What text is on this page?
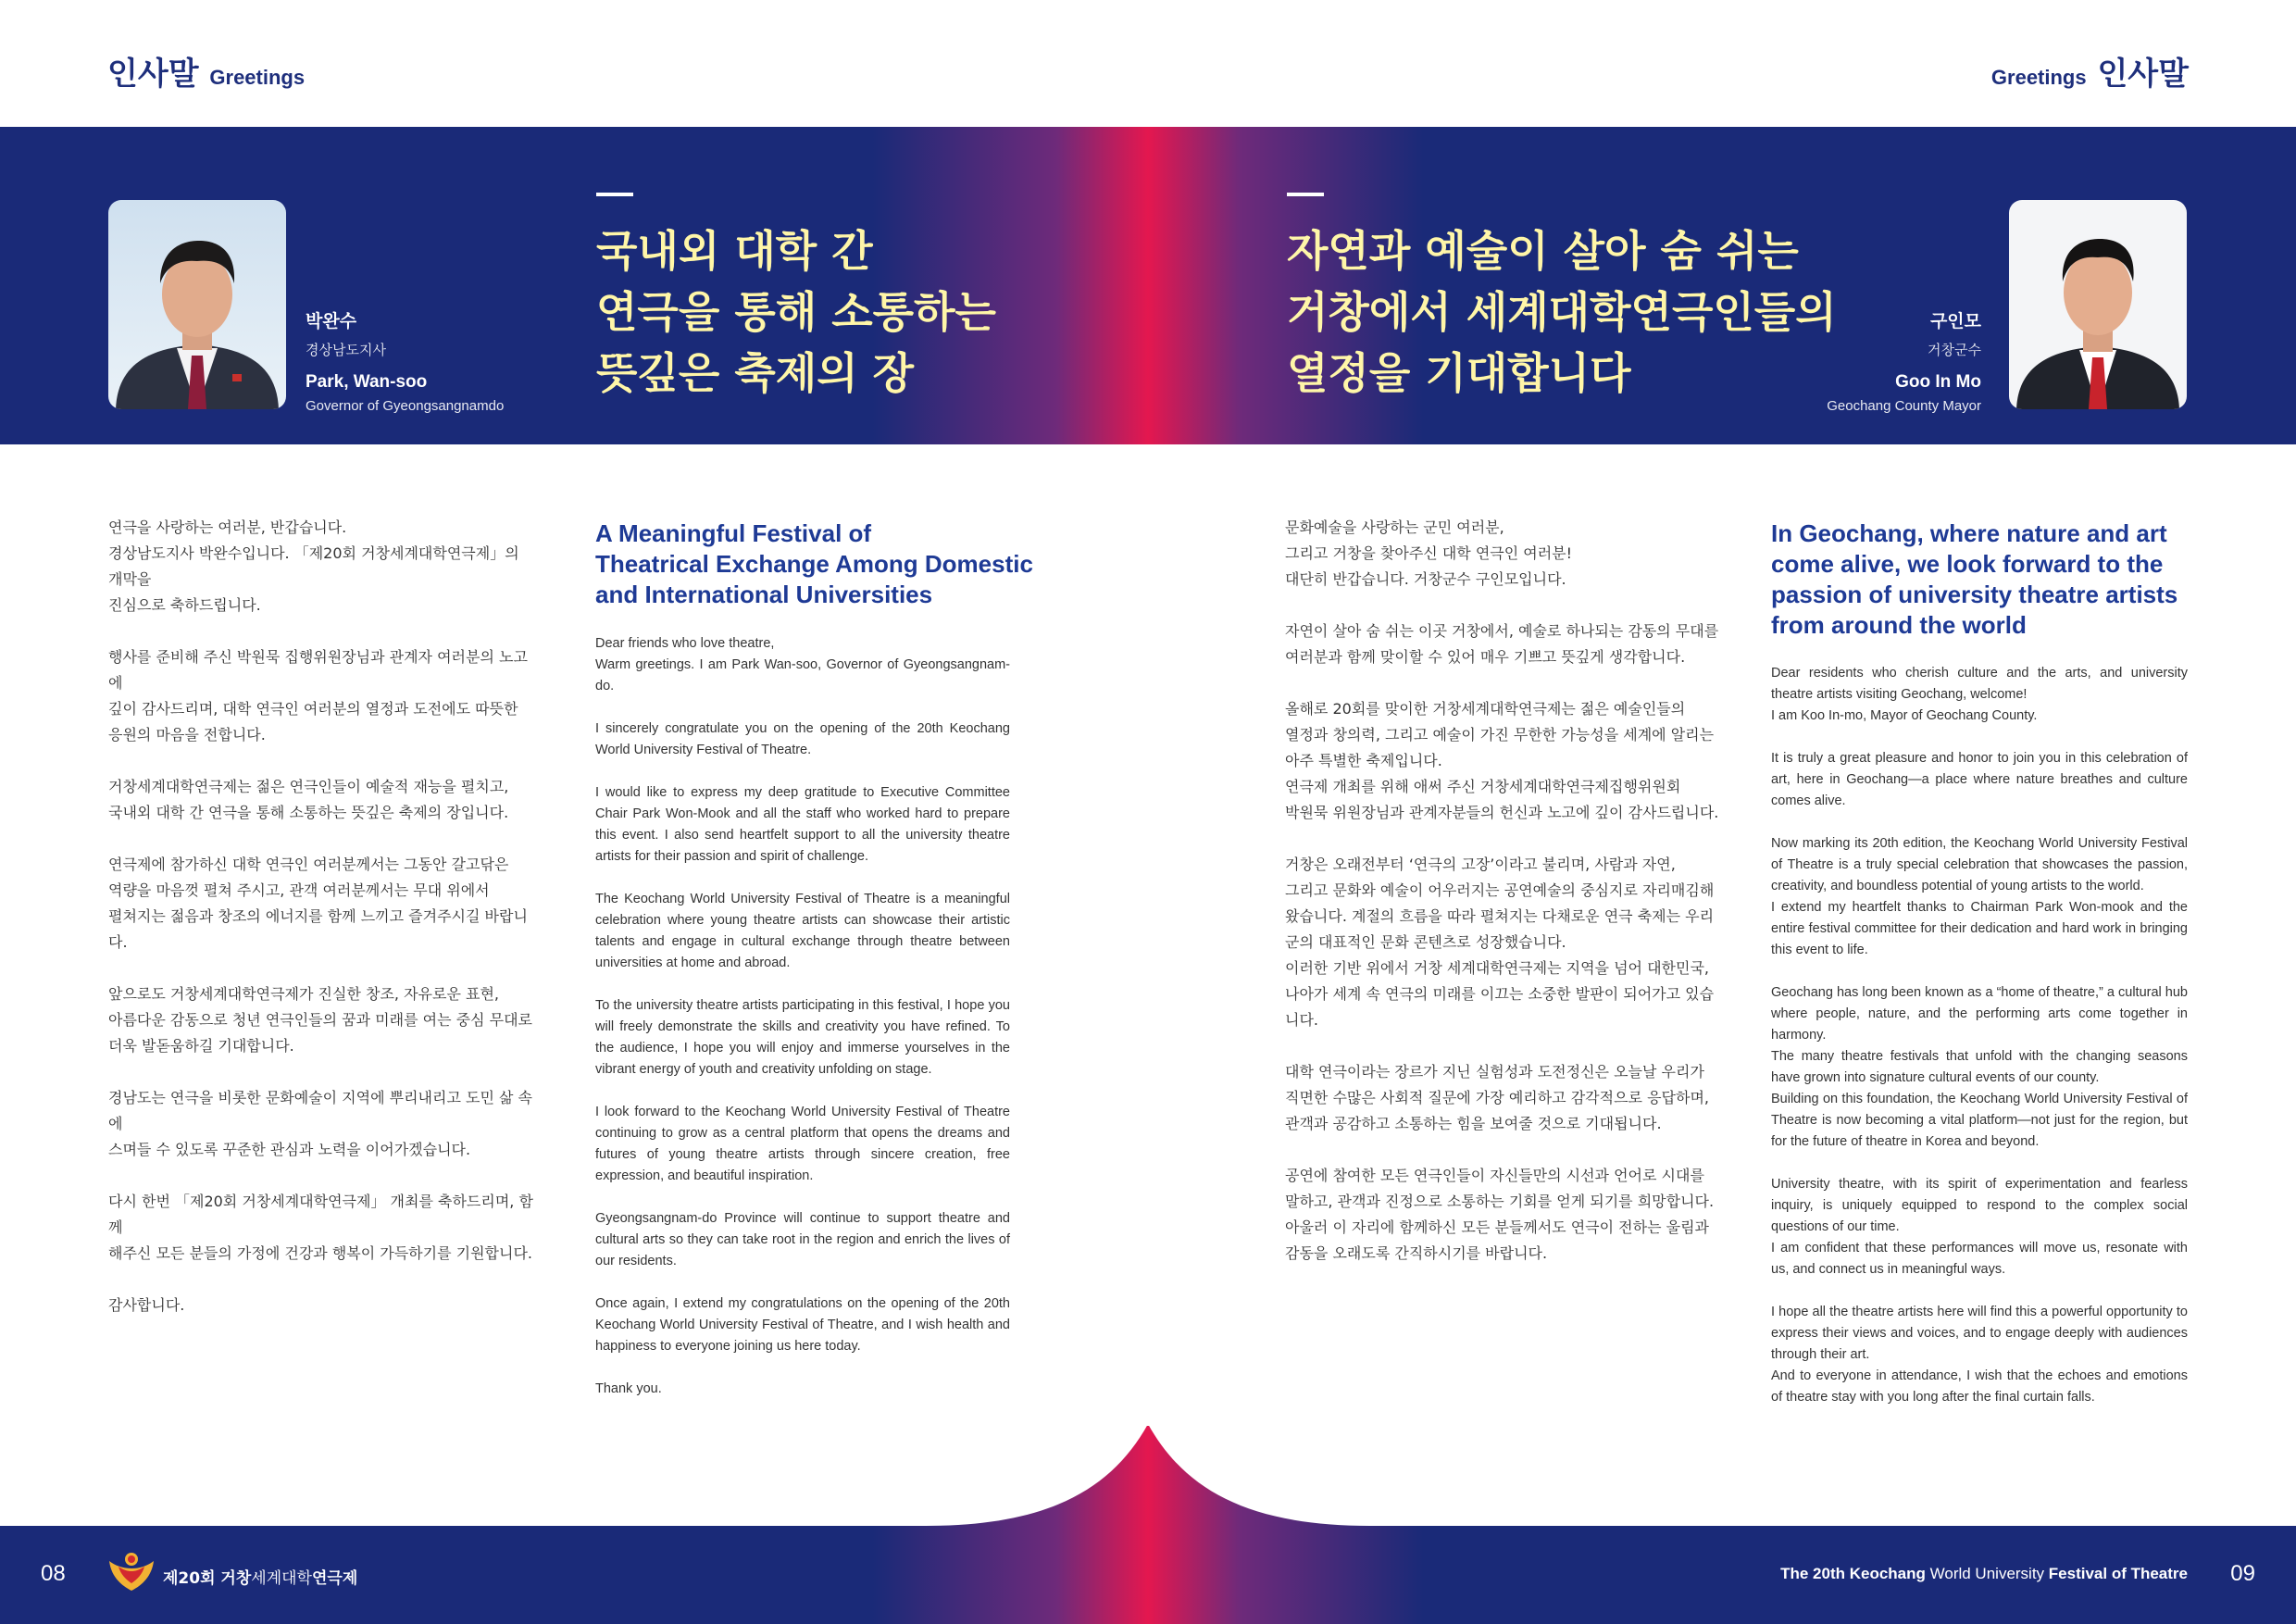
인사말 Greetings	Greetings 인사말
박완수
경상남도지사
Park, Wan-soo
Governor of Gyeongsangnamdo
국내외 대학 간
연극을 통해 소통하는
뜻깊은 축제의 장
자연과 예술이 살아 숨 쉬는
거창에서 세계대학연극인들의
열정을 기대합니다
구인모
거창군수
Goo In Mo
Geochang County Mayor

연극을 사랑하는 여러분, 반갑습니다.
경상남도지사 박완수입니다. 「제20회 거창세계대학연극제」의 개막을
진심으로 축하드립니다.

행사를 준비해 주신 박원묵 집행위원장님과 관계자 여러분의 노고에
깊이 감사드리며, 대학 연극인 여러분의 열정과 도전에도 따뜻한
응원의 마음을 전합니다.

거창세계대학연극제는 젊은 연극인들이 예술적 재능을 펼치고,
국내외 대학 간 연극을 통해 소통하는 뜻깊은 축제의 장입니다.

연극제에 참가하신 대학 연극인 여러분께서는 그동안 갈고닦은
역량을 마음껏 펼쳐 주시고, 관객 여러분께서는 무대 위에서
펼쳐지는 젊음과 창조의 에너지를 함께 느끼고 즐겨주시길 바랍니다.

앞으로도 거창세계대학연극제가 진실한 창조, 자유로운 표현,
아름다운 감동으로 청년 연극인들의 꿈과 미래를 여는 중심 무대로
더욱 발돋움하길 기대합니다.

경남도는 연극을 비롯한 문화예술이 지역에 뿌리내리고 도민 삶 속에
스며들 수 있도록 꾸준한 관심과 노력을 이어가겠습니다.

다시 한번 「제20회 거창세계대학연극제」 개최를 축하드리며, 함께
해주신 모든 분들의 가정에 건강과 행복이 가득하기를 기원합니다.

감사합니다.

A Meaningful Festival of
Theatrical Exchange Among Domestic
and International Universities

Dear friends who love theatre,
Warm greetings. I am Park Wan-soo, Governor of Gyeongsangnam-do.

I sincerely congratulate you on the opening of the 20th Keochang World University Festival of Theatre.

I would like to express my deep gratitude to Executive Committee Chair Park Won-Mook and all the staff who worked hard to prepare this event. I also send heartfelt support to all the university theatre artists for their passion and spirit of challenge.

The Keochang World University Festival of Theatre is a meaningful celebration where young theatre artists can showcase their artistic talents and engage in cultural exchange through theatre between universities at home and abroad.

To the university theatre artists participating in this festival, I hope you will freely demonstrate the skills and creativity you have refined. To the audience, I hope you will enjoy and immerse yourselves in the vibrant energy of youth and creativity unfolding on stage.

I look forward to the Keochang World University Festival of Theatre continuing to grow as a central platform that opens the dreams and futures of young theatre artists through sincere creation, free expression, and beautiful inspiration.

Gyeongsangnam-do Province will continue to support theatre and cultural arts so they can take root in the region and enrich the lives of our residents.

Once again, I extend my congratulations on the opening of the 20th Keochang World University Festival of Theatre, and I wish health and happiness to everyone joining us here today.

Thank you.

문화예술을 사랑하는 군민 여러분,
그리고 거창을 찾아주신 대학 연극인 여러분!
대단히 반갑습니다. 거창군수 구인모입니다.

자연이 살아 숨 쉬는 이곳 거창에서, 예술로 하나되는 감동의 무대를
여러분과 함께 맞이할 수 있어 매우 기쁘고 뜻깊게 생각합니다.

올해로 20회를 맞이한 거창세계대학연극제는 젊은 예술인들의
열정과 창의력, 그리고 예술이 가진 무한한 가능성을 세계에 알리는
아주 특별한 축제입니다.
연극제 개최를 위해 애써 주신 거창세계대학연극제집행위원회
박원묵 위원장님과 관계자분들의 헌신과 노고에 깊이 감사드립니다.

거창은 오래전부터 ‘연극의 고장’이라고 불리며, 사람과 자연,
그리고 문화와 예술이 어우러지는 공연예술의 중심지로 자리매김해
왔습니다. 계절의 흐름을 따라 펼쳐지는 다채로운 연극 축제는 우리
군의 대표적인 문화 콘텐츠로 성장했습니다.
이러한 기반 위에서 거창 세계대학연극제는 지역을 넘어 대한민국,
나아가 세계 속 연극의 미래를 이끄는 소중한 발판이 되어가고 있습
니다.

대학 연극이라는 장르가 지닌 실험성과 도전정신은 오늘날 우리가
직면한 수많은 사회적 질문에 가장 예리하고 감각적으로 응답하며,
관객과 공감하고 소통하는 힘을 보여줄 것으로 기대됩니다.

공연에 참여한 모든 연극인들이 자신들만의 시선과 언어로 시대를
말하고, 관객과 진정으로 소통하는 기회를 얻게 되기를 희망합니다.
아울러 이 자리에 함께하신 모든 분들께서도 연극이 전하는 울림과
감동을 오래도록 간직하시기를 바랍니다.

In Geochang, where nature and art
come alive, we look forward to the
passion of university theatre artists
from around the world

Dear residents who cherish culture and the arts, and university theatre artists visiting Geochang, welcome!
I am Koo In-mo, Mayor of Geochang County.

It is truly a great pleasure and honor to join you in this celebration of art, here in Geochang—a place where nature breathes and culture comes alive.

Now marking its 20th edition, the Keochang World University Festival of Theatre is a truly special celebration that showcases the passion, creativity, and boundless potential of young artists to the world.
I extend my heartfelt thanks to Chairman Park Won-mook and the entire festival committee for their dedication and hard work in bringing this event to life.

Geochang has long been known as a “home of theatre,” a cultural hub where people, nature, and the performing arts come together in harmony.
The many theatre festivals that unfold with the changing seasons have grown into signature cultural events of our county.
Building on this foundation, the Keochang World University Festival of Theatre is now becoming a vital platform—not just for the region, but for the future of theatre in Korea and beyond.

University theatre, with its spirit of experimentation and fearless inquiry, is uniquely equipped to respond to the complex social questions of our time.
I am confident that these performances will move us, resonate with us, and connect us in meaningful ways.

I hope all the theatre artists here will find this a powerful opportunity to express their views and voices, and to engage deeply with audiences through their art.
And to everyone in attendance, I wish that the echoes and emotions of theatre stay with you long after the final curtain falls.

08	제20회 거창세계대학연극제	The 20th Keochang World University Festival of Theatre 09
